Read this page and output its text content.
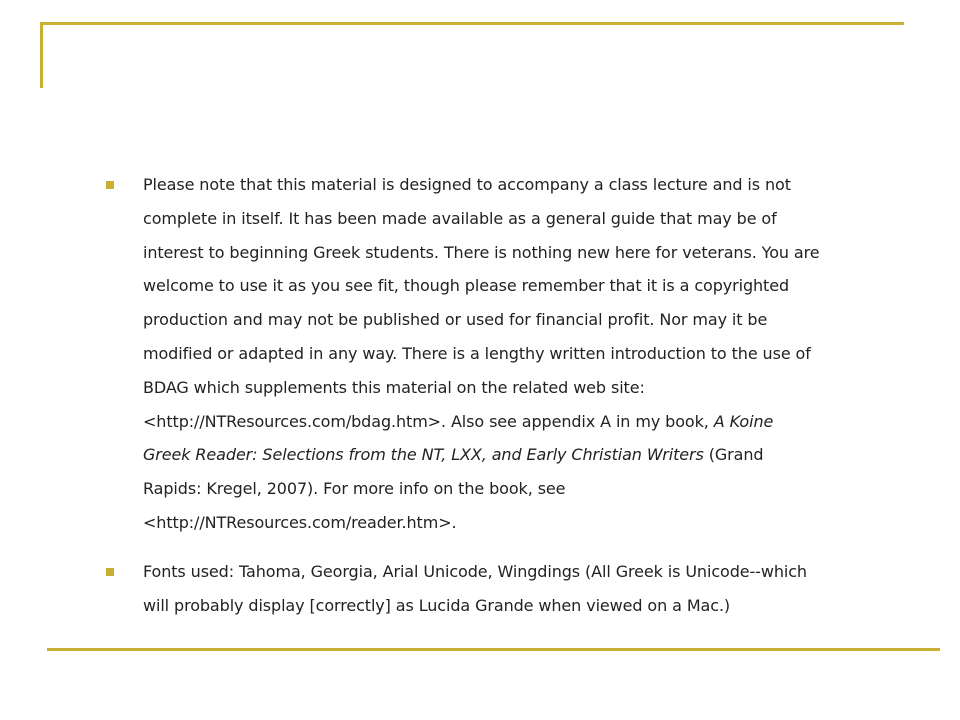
Please note that this material is designed to accompany a class lecture and is not complete in itself. It has been made available as a general guide that may be of interest to beginning Greek students. There is nothing new here for veterans. You are welcome to use it as you see fit, though please remember that it is a copyrighted production and may not be published or used for financial profit. Nor may it be modified or adapted in any way. There is a lengthy written introduction to the use of BDAG which supplements this material on the related web site: <http://NTResources.com/bdag.htm>. Also see appendix A in my book, A Koine Greek Reader: Selections from the NT, LXX, and Early Christian Writers (Grand Rapids: Kregel, 2007). For more info on the book, see <http://NTResources.com/reader.htm>.
Fonts used: Tahoma, Georgia, Arial Unicode, Wingdings (All Greek is Unicode--which will probably display [correctly] as Lucida Grande when viewed on a Mac.)
